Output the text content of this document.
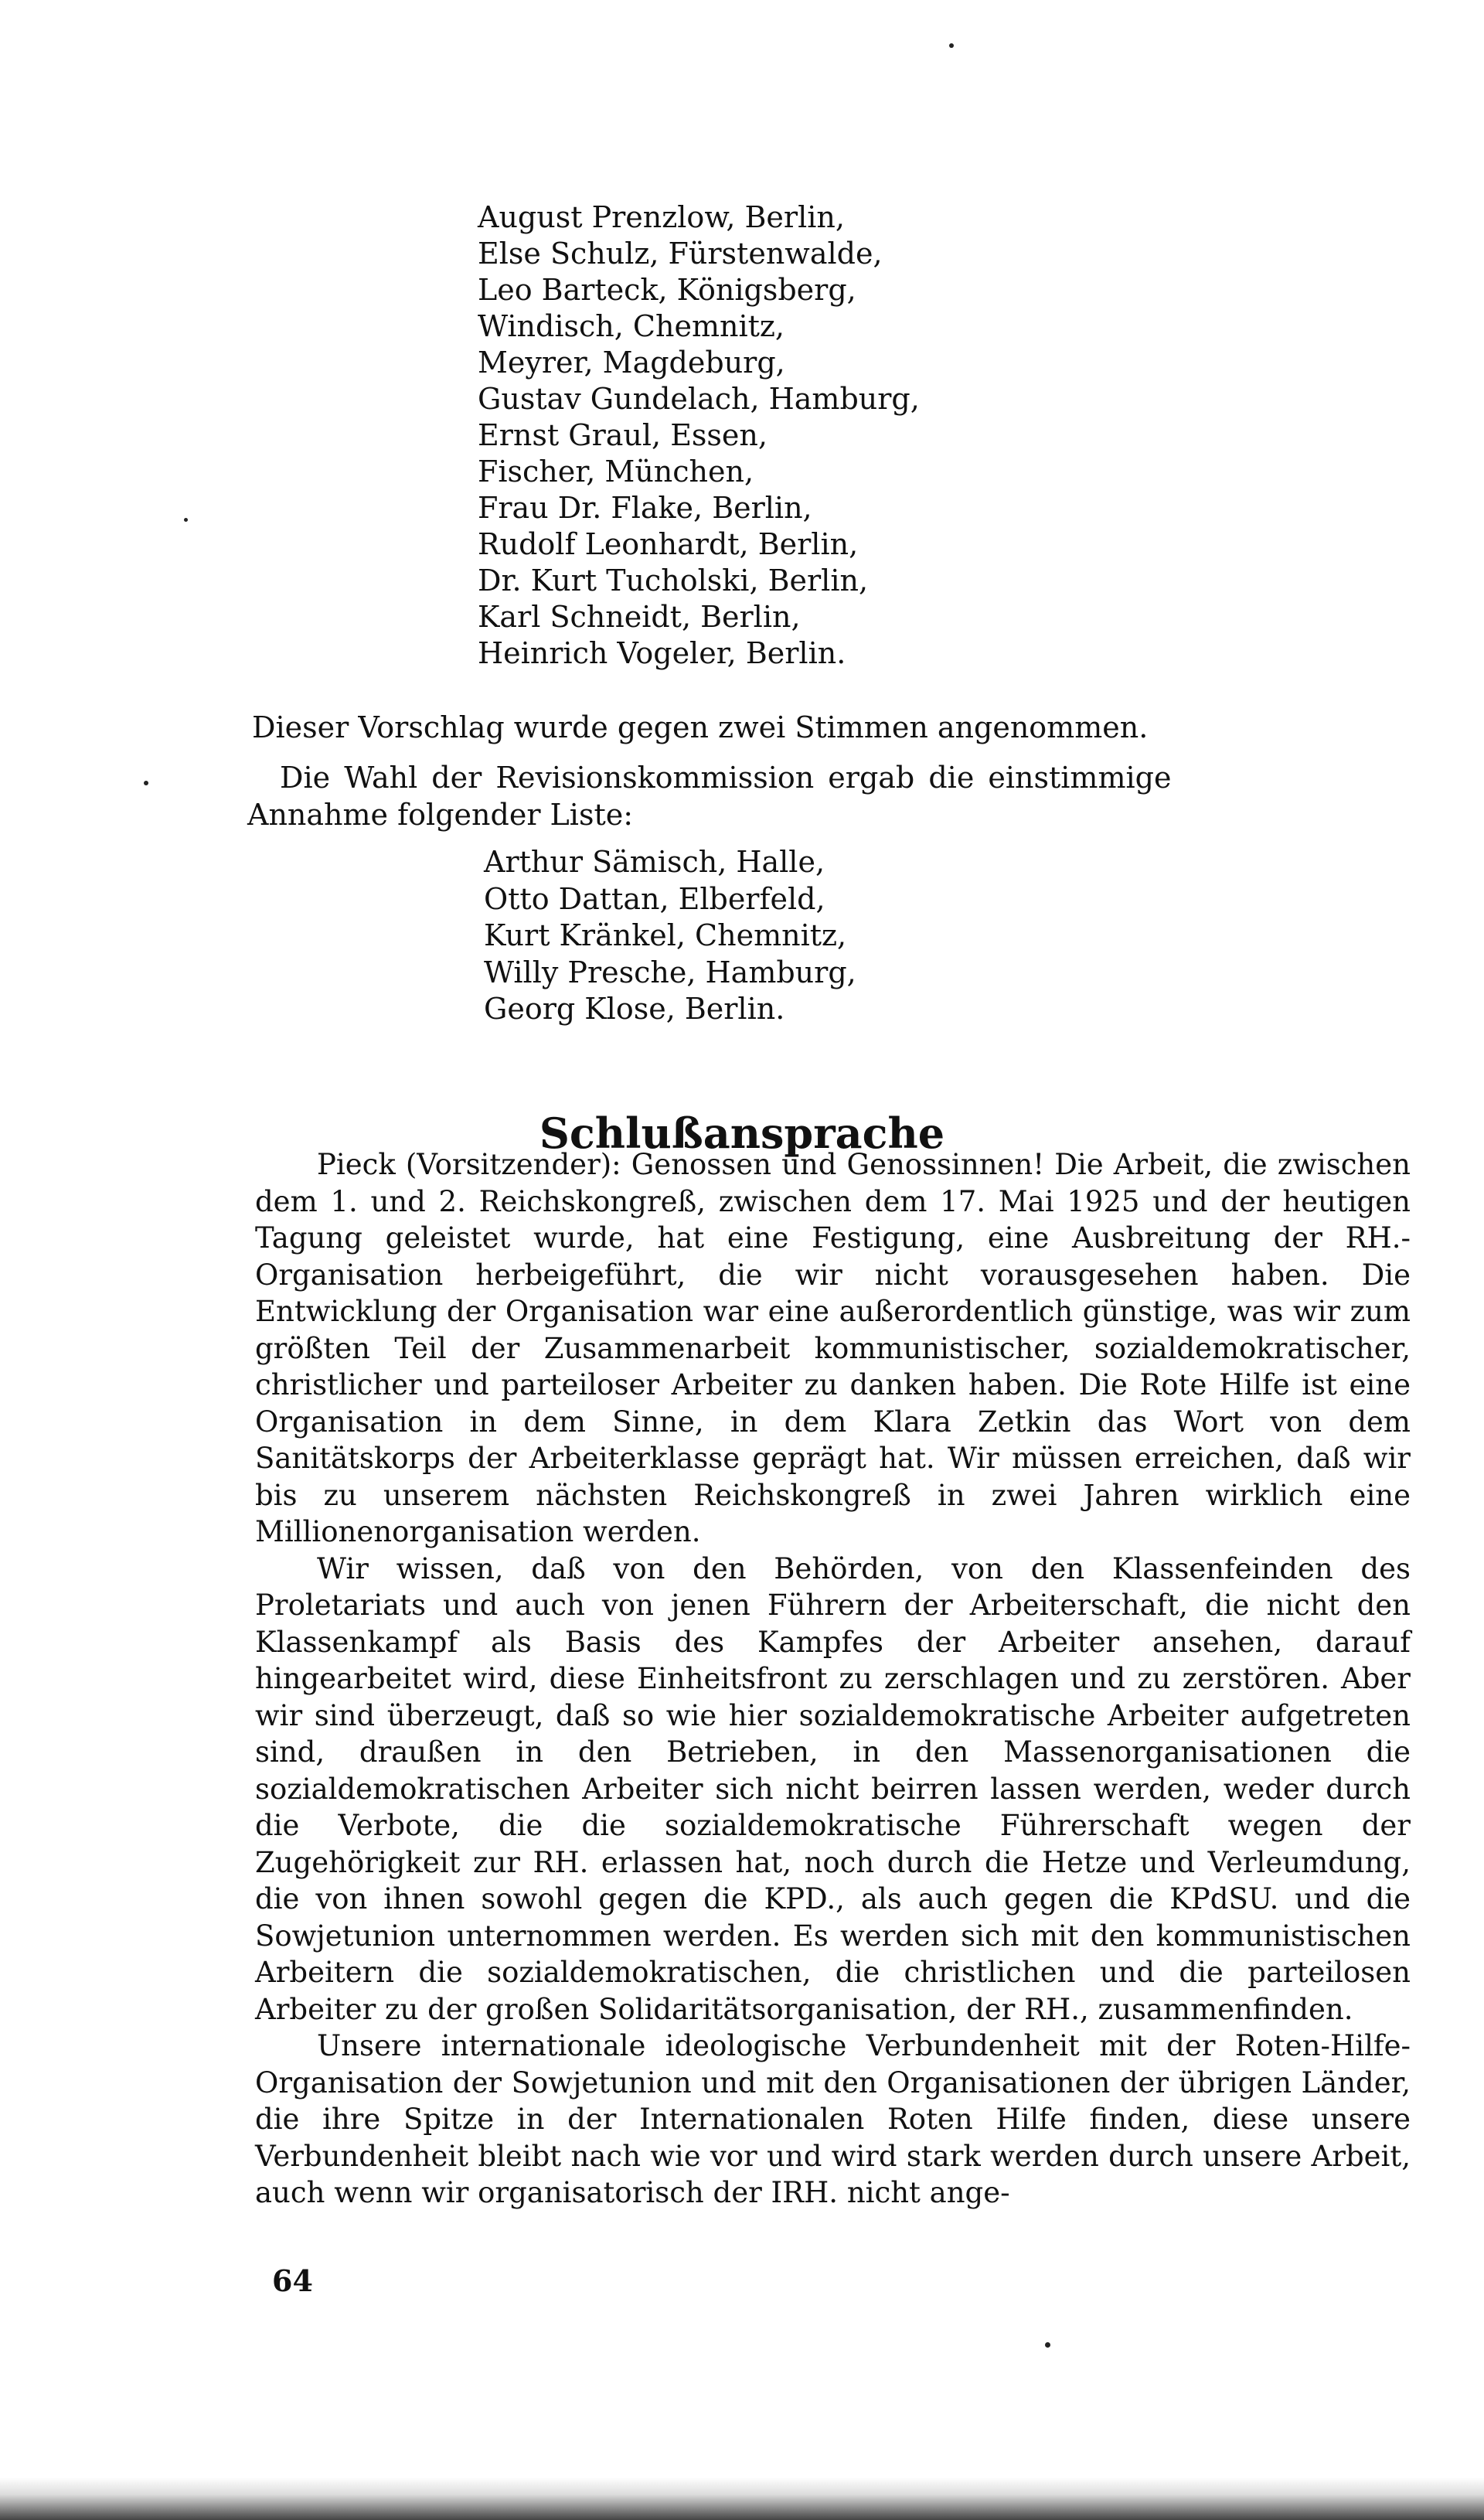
August Prenzlow, Berlin,
Else Schulz, Fürstenwalde,
Leo Barteck, Königsberg,
Windisch, Chemnitz,
Meyrer, Magdeburg,
Gustav Gundelach, Hamburg,
Ernst Graul, Essen,
Fischer, München,
Frau Dr. Flake, Berlin,
Rudolf Leonhardt, Berlin,
Dr. Kurt Tucholski, Berlin,
Karl Schneidt, Berlin,
Heinrich Vogeler, Berlin.
Dieser Vorschlag wurde gegen zwei Stimmen angenommen.
Die Wahl der Revisionskommission ergab die einstimmige
Annahme folgender Liste:
Arthur Sämisch, Halle,
Otto Dattan, Elberfeld,
Kurt Kränkel, Chemnitz,
Willy Presche, Hamburg,
Georg Klose, Berlin.
Schlußansprache

Pieck (Vorsitzender): Genossen und Genossinnen! Die Arbeit, die zwischen dem 1. und 2. Reichskongreß, zwischen dem 17. Mai 1925 und der heutigen Tagung geleistet wurde, hat eine Festigung, eine Ausbreitung der RH.-Organisation herbeigeführt, die wir nicht vorausgesehen haben. Die Entwicklung der Organisation war eine außerordentlich günstige, was wir zum größten Teil der Zusammenarbeit kommunistischer, sozialdemokratischer, christlicher und parteiloser Arbeiter zu danken haben. Die Rote Hilfe ist eine Organisation in dem Sinne, in dem Klara Zetkin das Wort von dem Sanitätskorps der Arbeiterklasse geprägt hat. Wir müssen erreichen, daß wir bis zu unserem nächsten Reichskongreß in zwei Jahren wirklich eine Millionenorganisation werden.

Wir wissen, daß von den Behörden, von den Klassenfeinden des Proletariats und auch von jenen Führern der Arbeiterschaft, die nicht den Klassenkampf als Basis des Kampfes der Arbeiter ansehen, darauf hingearbeitet wird, diese Einheitsfront zu zerschlagen und zu zerstören. Aber wir sind überzeugt, daß so wie hier sozialdemokratische Arbeiter aufgetreten sind, draußen in den Betrieben, in den Massenorganisationen die sozialdemokratischen Arbeiter sich nicht beirren lassen werden, weder durch die Verbote, die die sozialdemokratische Führerschaft wegen der Zugehörigkeit zur RH. erlassen hat, noch durch die Hetze und Verleumdung, die von ihnen sowohl gegen die KPD., als auch gegen die KPdSU. und die Sowjetunion unternommen werden. Es werden sich mit den kommunistischen Arbeitern die sozialdemokratischen, die christlichen und die parteilosen Arbeiter zu der großen Solidaritätsorganisation, der RH., zusammenfinden.

Unsere internationale ideologische Verbundenheit mit der Roten-Hilfe-Organisation der Sowjetunion und mit den Organisationen der übrigen Länder, die ihre Spitze in der Internationalen Roten Hilfe finden, diese unsere Verbundenheit bleibt nach wie vor und wird stark werden durch unsere Arbeit, auch wenn wir organisatorisch der IRH. nicht ange-

64
